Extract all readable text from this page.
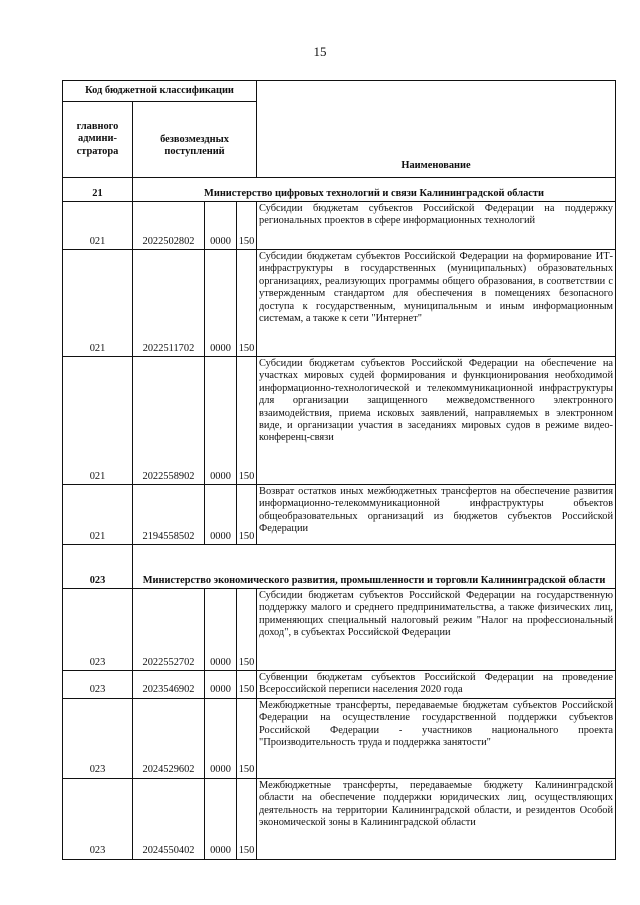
15
Код бюджетной классификации				Наименование
главного админи-стратора	безвозмездных поступлений			
21	Министерство цифровых технологий и связи Калининградской области			
021	2022502802	0000	150	Субсидии бюджетам субъектов Российской Федерации на поддержку региональных проектов в сфере информационных технологий
021	2022511702	0000	150	Субсидии бюджетам субъектов Российской Федерации на формирование ИТ-инфраструктуры в государственных (муниципальных) образовательных организациях, реализующих программы общего образования, в соответствии с утвержденным стандартом для обеспечения в помещениях безопасного доступа к государственным, муниципальным и иным информационным системам, а также к сети "Интернет"
021	2022558902	0000	150	Субсидии бюджетам субъектов Российской Федерации на обеспечение на участках мировых судей формирования и функционирования необходимой информационно-технологической и телекоммуникационной инфраструктуры для организации защищенного межведомственного электронного взаимодействия, приема исковых заявлений, направляемых в электронном виде, и организации участия в заседаниях мировых судов в режиме видео-конференц-связи
021	2194558502	0000	150	Возврат остатков иных межбюджетных трансфертов на обеспечение развития информационно-телекоммуникационной инфраструктуры объектов общеобразовательных организаций из бюджетов субъектов Российской Федерации
023	Министерство экономического развития, промышленности и торговли Калининградской области			
023	2022552702	0000	150	Субсидии бюджетам субъектов Российской Федерации на государственную поддержку малого и среднего предпринимательства, а также физических лиц, применяющих специальный налоговый режим "Налог на профессиональный доход", в субъектах Российской Федерации
023	2023546902	0000	150	Субвенции бюджетам субъектов Российской Федерации на проведение Всероссийской переписи населения 2020 года
023	2024529602	0000	150	Межбюджетные трансферты, передаваемые бюджетам субъектов Российской Федерации на осуществление государственной поддержки субъектов Российской Федерации - участников национального проекта "Производительность труда и поддержка занятости"
023	2024550402	0000	150	Межбюджетные трансферты, передаваемые бюджету Калининградской области на обеспечение поддержки юридических лиц, осуществляющих деятельность на территории Калининградской области, и резидентов Особой экономической зоны в Калининградской области
